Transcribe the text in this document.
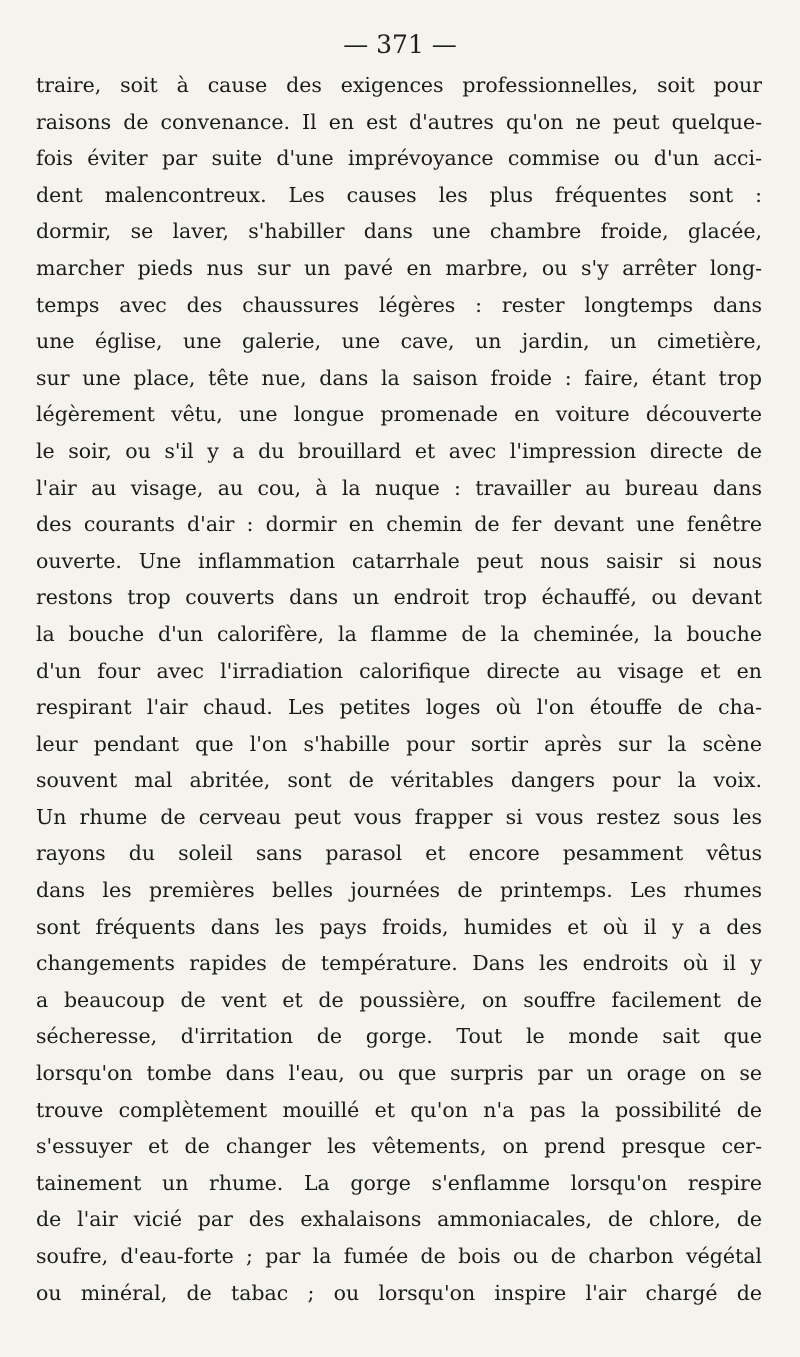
— 371 —
traire, soit à cause des exigences professionnelles, soit pour
raisons de convenance. Il en est d'autres qu'on ne peut quelque-
fois éviter par suite d'une imprévoyance commise ou d'un acci-
dent malencontreux. Les causes les plus fréquentes sont :
dormir, se laver, s'habiller dans une chambre froide, glacée,
marcher pieds nus sur un pavé en marbre, ou s'y arrêter long-
temps avec des chaussures légères : rester longtemps dans
une église, une galerie, une cave, un jardin, un cimetière,
sur une place, tête nue, dans la saison froide : faire, étant trop
légèrement vêtu, une longue promenade en voiture découverte
le soir, ou s'il y a du brouillard et avec l'impression directe de
l'air au visage, au cou, à la nuque : travailler au bureau dans
des courants d'air : dormir en chemin de fer devant une fenêtre
ouverte. Une inflammation catarrhale peut nous saisir si nous
restons trop couverts dans un endroit trop échauffé, ou devant
la bouche d'un calorifère, la flamme de la cheminée, la bouche
d'un four avec l'irradiation calorifique directe au visage et en
respirant l'air chaud. Les petites loges où l'on étouffe de cha-
leur pendant que l'on s'habille pour sortir après sur la scène
souvent mal abritée, sont de véritables dangers pour la voix.
Un rhume de cerveau peut vous frapper si vous restez sous les
rayons du soleil sans parasol et encore pesamment vêtus
dans les premières belles journées de printemps. Les rhumes
sont fréquents dans les pays froids, humides et où il y a des
changements rapides de température. Dans les endroits où il y
a beaucoup de vent et de poussière, on souffre facilement de
sécheresse, d'irritation de gorge. Tout le monde sait que
lorsqu'on tombe dans l'eau, ou que surpris par un orage on se
trouve complètement mouillé et qu'on n'a pas la possibilité de
s'essuyer et de changer les vêtements, on prend presque cer-
tainement un rhume. La gorge s'enflamme lorsqu'on respire
de l'air vicié par des exhalaisons ammoniacales, de chlore, de
soufre, d'eau-forte ; par la fumée de bois ou de charbon végétal
ou minéral, de tabac ; ou lorsqu'on inspire l'air chargé de
